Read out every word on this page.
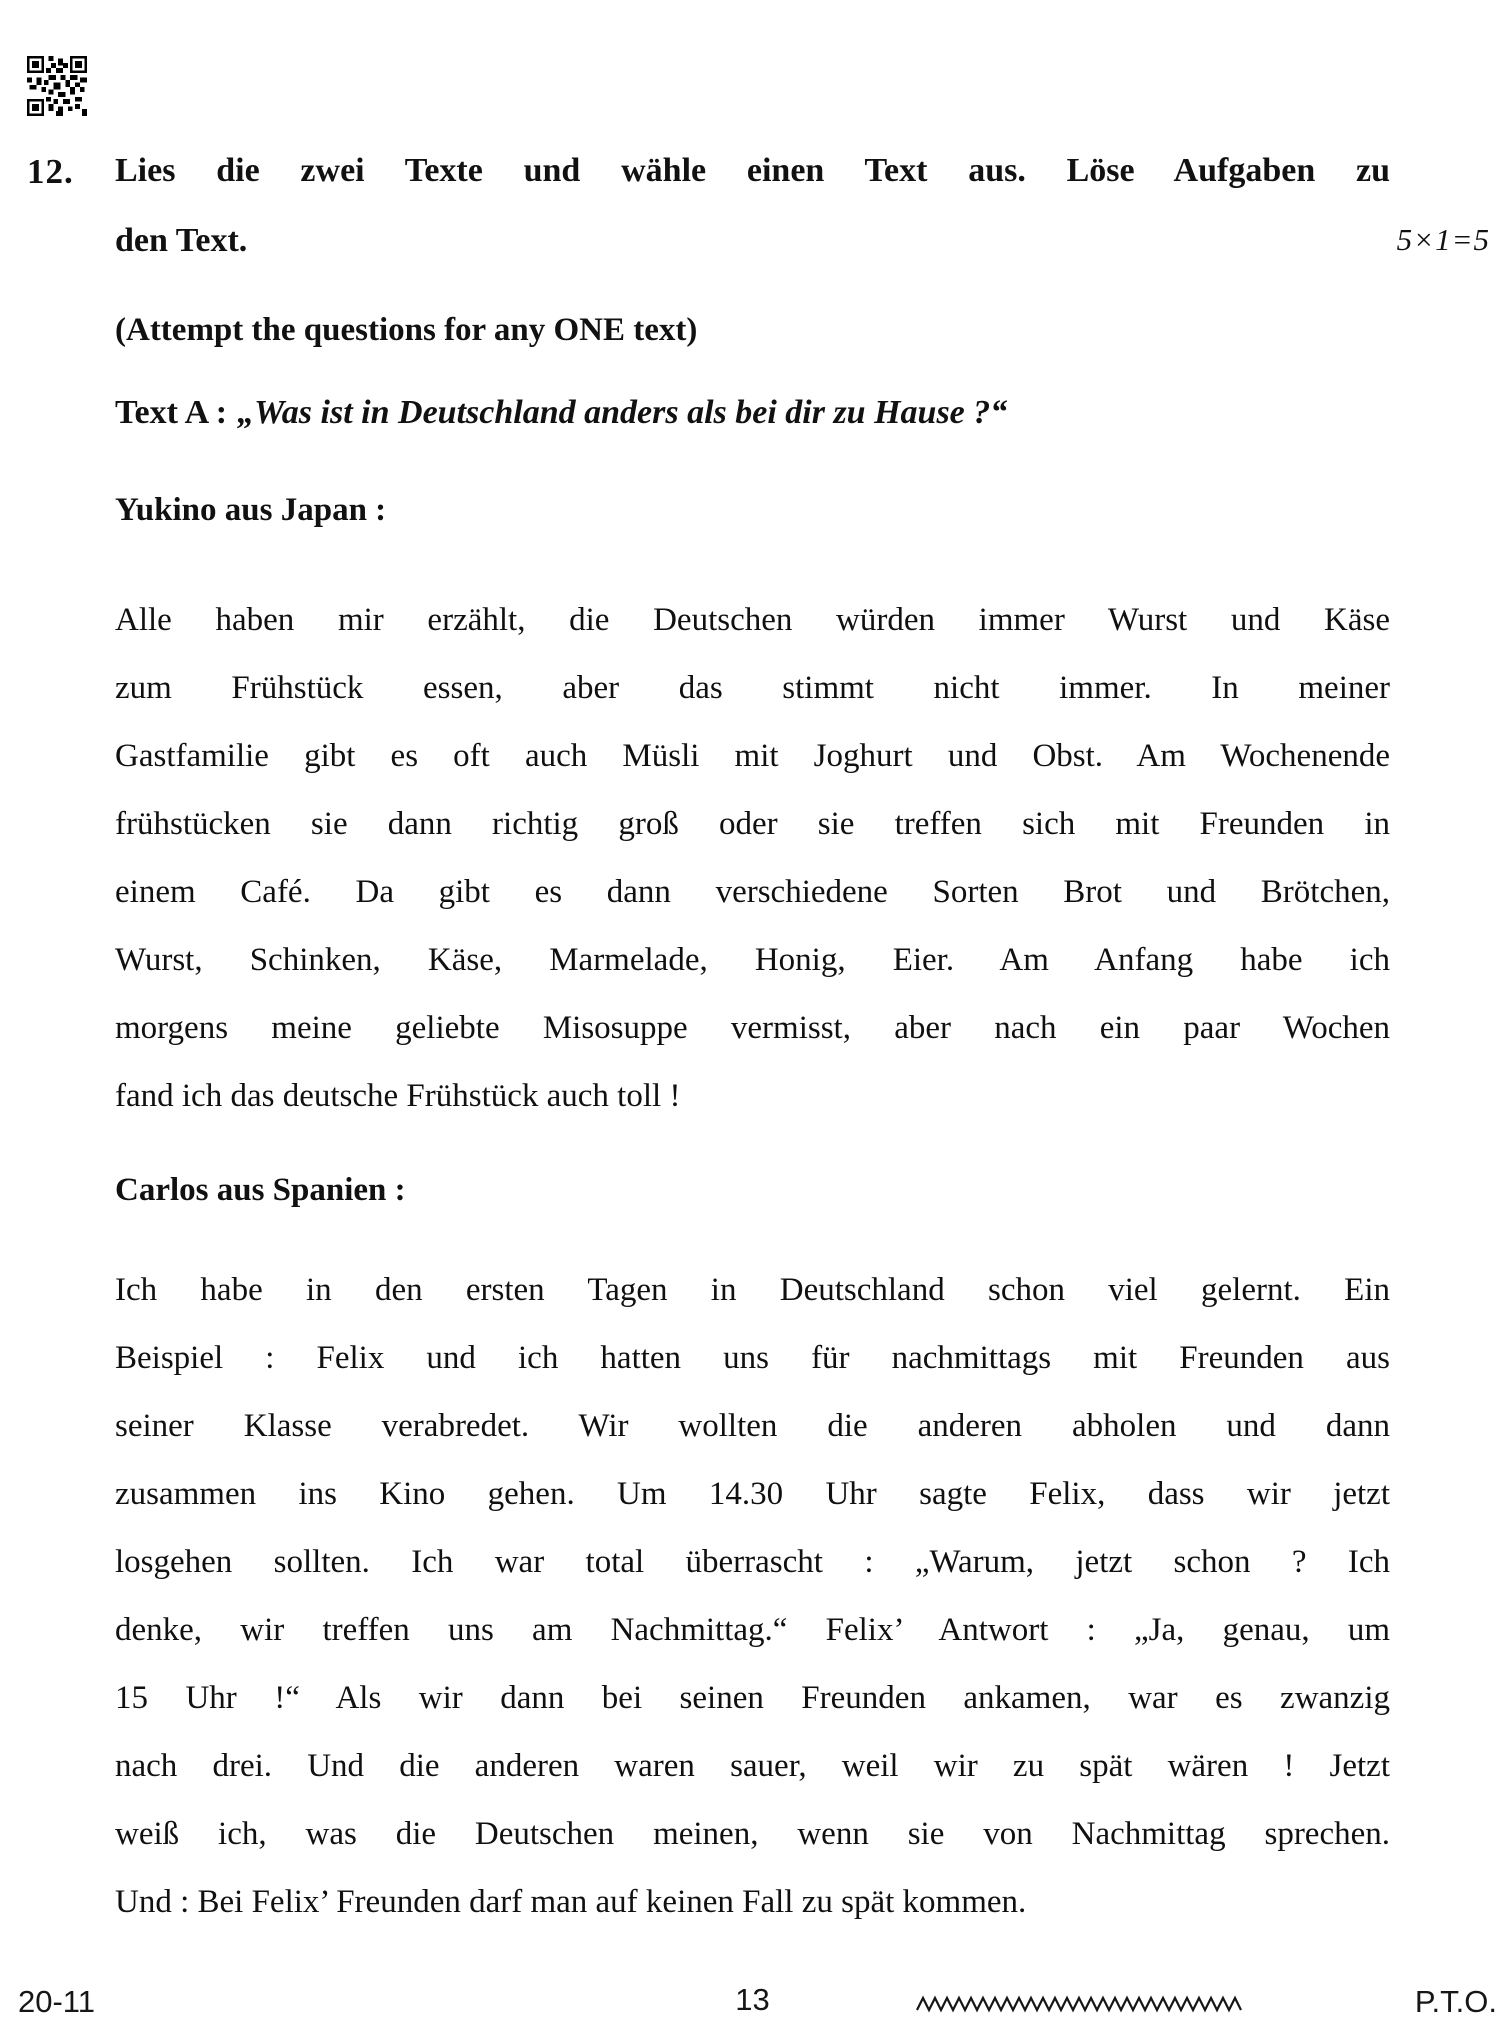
12. Lies die zwei Texte und wähle einen Text aus. Löse Aufgaben zu
den Text.	5×1=5
(Attempt the questions for any ONE text)
Text A : „Was ist in Deutschland anders als bei dir zu Hause ?“
Yukino aus Japan :
Alle haben mir erzählt, die Deutschen würden immer Wurst und Käse
zum Frühstück essen, aber das stimmt nicht immer. In meiner
Gastfamilie gibt es oft auch Müsli mit Joghurt und Obst. Am Wochenende
frühstücken sie dann richtig groß oder sie treffen sich mit Freunden in
einem Café. Da gibt es dann verschiedene Sorten Brot und Brötchen,
Wurst, Schinken, Käse, Marmelade, Honig, Eier. Am Anfang habe ich
morgens meine geliebte Misosuppe vermisst, aber nach ein paar Wochen
fand ich das deutsche Frühstück auch toll !
Carlos aus Spanien :
Ich habe in den ersten Tagen in Deutschland schon viel gelernt. Ein
Beispiel : Felix und ich hatten uns für nachmittags mit Freunden aus
seiner Klasse verabredet. Wir wollten die anderen abholen und dann
zusammen ins Kino gehen. Um 14.30 Uhr sagte Felix, dass wir jetzt
losgehen sollten. Ich war total überrascht : „Warum, jetzt schon ? Ich
denke, wir treffen uns am Nachmittag.“ Felix’ Antwort : „Ja, genau, um
15 Uhr !“ Als wir dann bei seinen Freunden ankamen, war es zwanzig
nach drei. Und die anderen waren sauer, weil wir zu spät wären ! Jetzt
weiß ich, was die Deutschen meinen, wenn sie von Nachmittag sprechen.
Und : Bei Felix’ Freunden darf man auf keinen Fall zu spät kommen.
20-11	13	P.T.O.
